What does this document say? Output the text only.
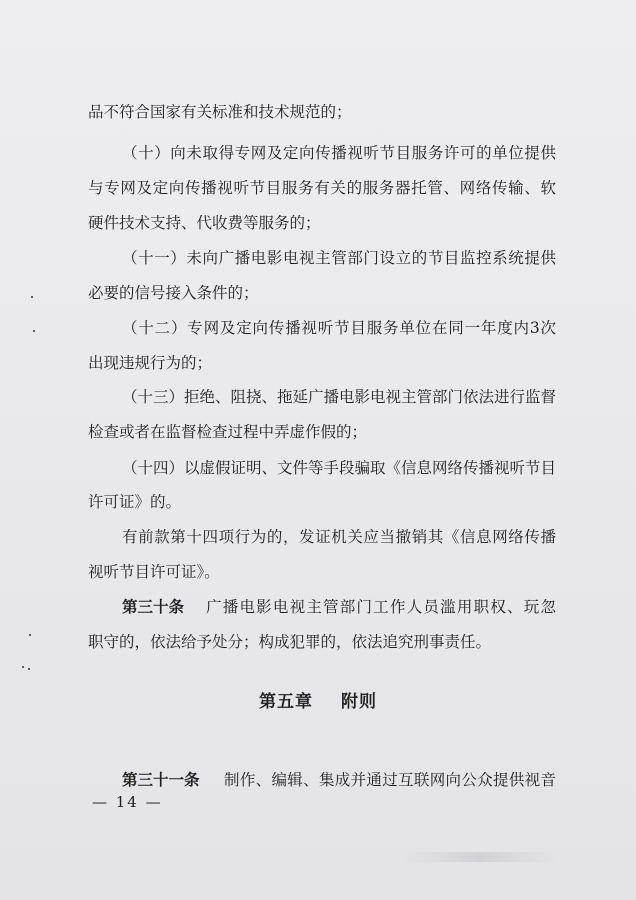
品不符合国家有关标准和技术规范的；
（十）向未取得专网及定向传播视听节目服务许可的单位提供
与专网及定向传播视听节目服务有关的服务器托管、网络传输、软
硬件技术支持、代收费等服务的；
（十一）未向广播电影电视主管部门设立的节目监控系统提供
必要的信号接入条件的；
（十二）专网及定向传播视听节目服务单位在同一年度内3次
出现违规行为的；
（十三）拒绝、阻挠、拖延广播电影电视主管部门依法进行监督
检查或者在监督检查过程中弄虚作假的；
（十四）以虚假证明、文件等手段骗取《信息网络传播视听节目
许可证》的。
有前款第十四项行为的，发证机关应当撤销其《信息网络传播
视听节目许可证》。
第三十条 广播电影电视主管部门工作人员滥用职权、玩忽
职守的，依法给予处分；构成犯罪的，依法追究刑事责任。
第五章 附则
第三十一条 制作、编辑、集成并通过互联网向公众提供视音
— 14 —
